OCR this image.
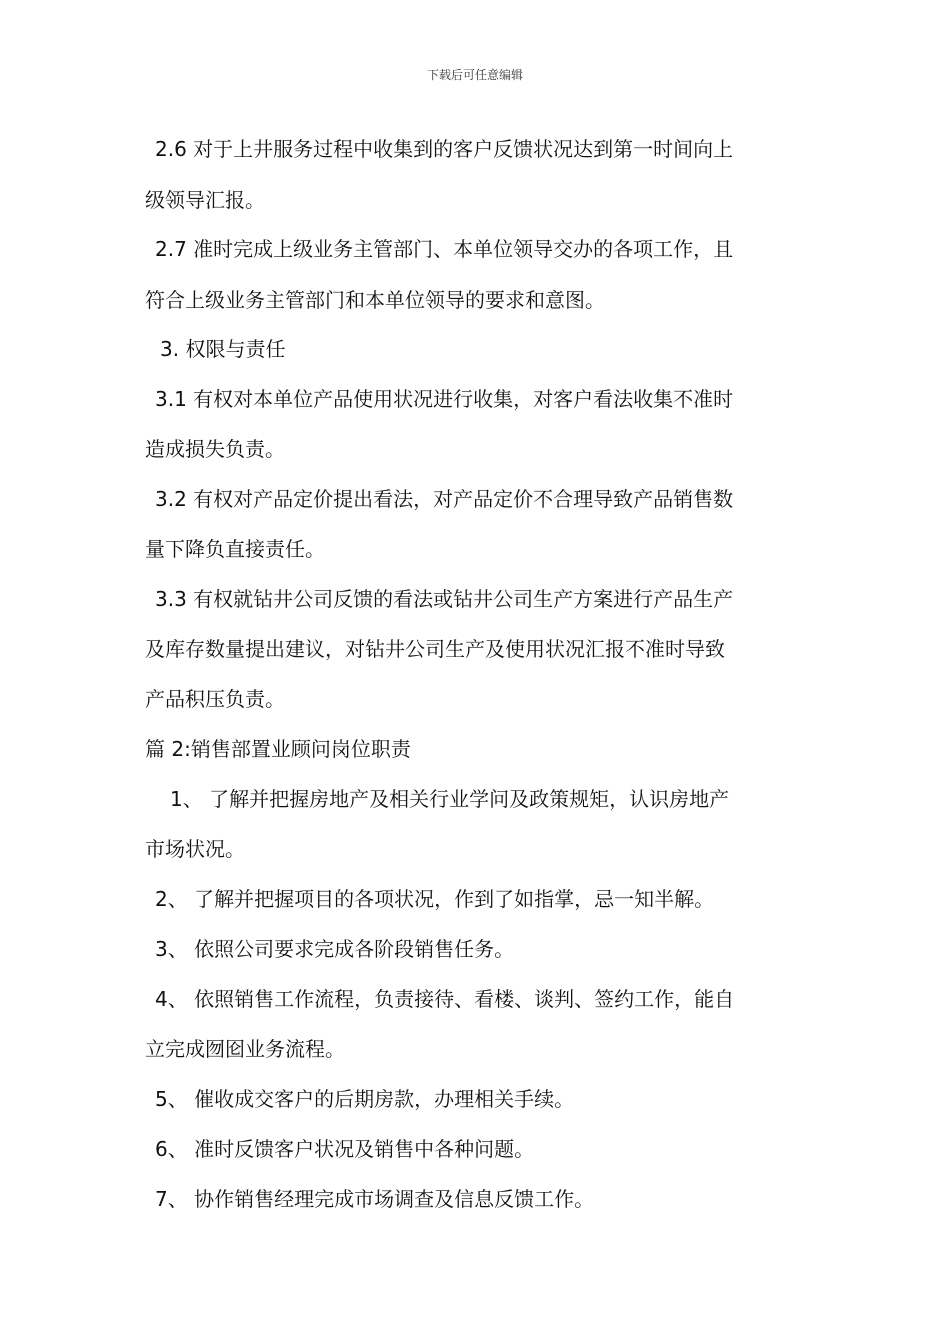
下载后可任意编辑
2.6 对于上井服务过程中收集到的客户反馈状况达到第一时间向上
级领导汇报。
2.7 准时完成上级业务主管部门、本单位领导交办的各项工作，且
符合上级业务主管部门和本单位领导的要求和意图。
3. 权限与责任
3.1 有权对本单位产品使用状况进行收集，对客户看法收集不准时
造成损失负责。
3.2 有权对产品定价提出看法，对产品定价不合理导致产品销售数
量下降负直接责任。
3.3 有权就钻井公司反馈的看法或钻井公司生产方案进行产品生产
及库存数量提出建议，对钻井公司生产及使用状况汇报不准时导致
产品积压负责。
篇 2:销售部置业顾问岗位职责
1、 了解并把握房地产及相关行业学问及政策规矩，认识房地产
市场状况。
2、 了解并把握项目的各项状况，作到了如指掌，忌一知半解。
3、 依照公司要求完成各阶段销售任务。
4、 依照销售工作流程，负责接待、看楼、谈判、签约工作，能自
立完成囫囵业务流程。
5、 催收成交客户的后期房款，办理相关手续。
6、 准时反馈客户状况及销售中各种问题。
7、 协作销售经理完成市场调查及信息反馈工作。
